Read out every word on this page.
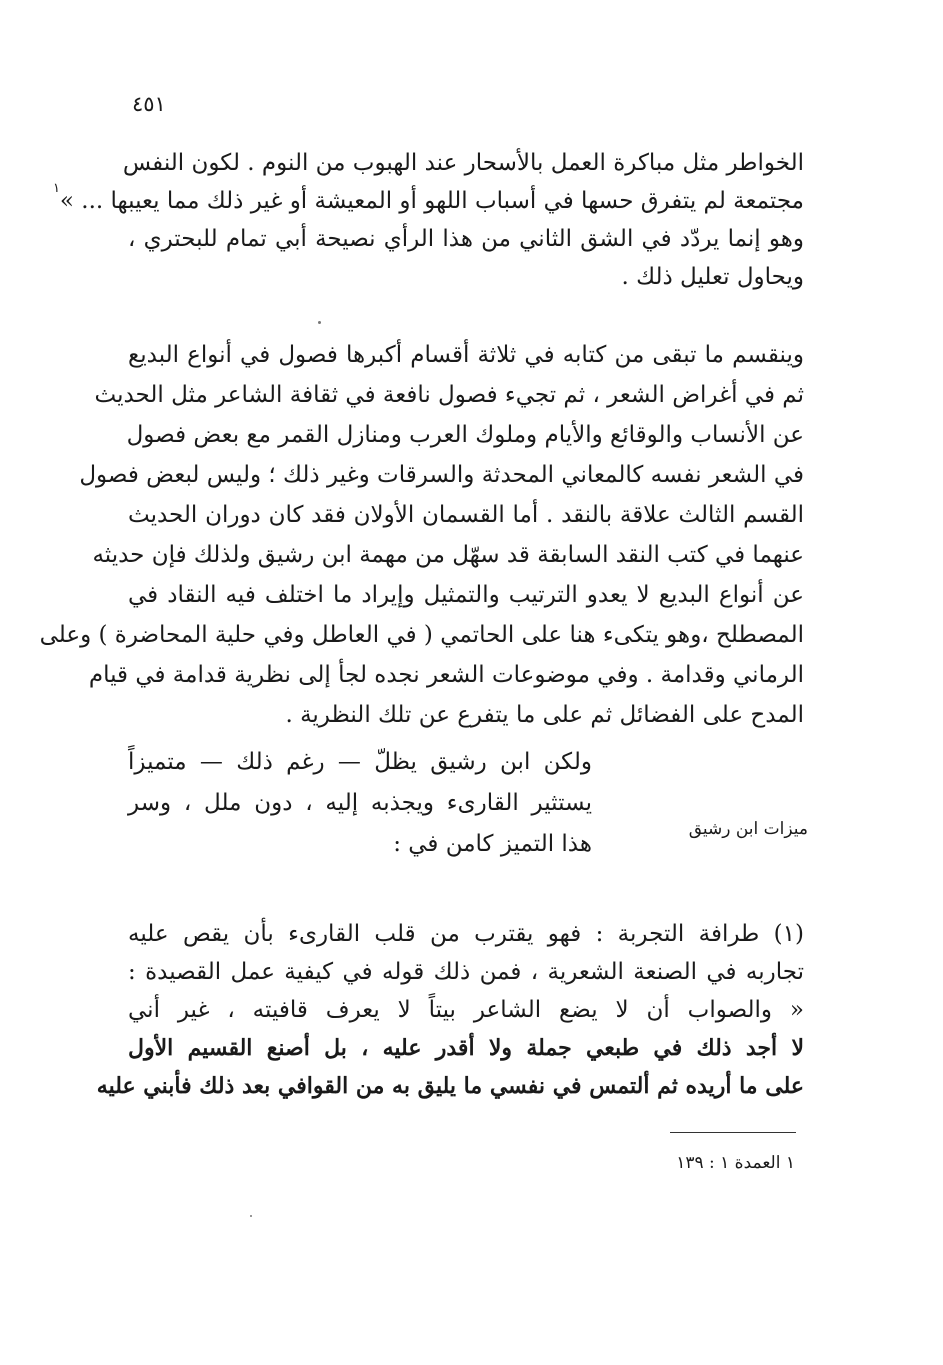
٤٥١
الخواطر مثل مباكرة العمل بالأسحار عند الهبوب من النوم . لكون النفس
مجتمعة لم يتفرق حسها في أسباب اللهو أو المعيشة أو غير ذلك مما يعيبها ... »$^١$
وهو إنما يردّد في الشق الثاني من هذا الرأي نصيحة أبي تمام للبحتري ،
ويحاول تعليل ذلك .
وينقسم ما تبقى من كتابه في ثلاثة أقسام أكبرها فصول في أنواع البديع
ثم في أغراض الشعر ، ثم تجيء فصول نافعة في ثقافة الشاعر مثل الحديث
عن الأنساب والوقائع والأيام وملوك العرب ومنازل القمر مع بعض فصول
في الشعر نفسه كالمعاني المحدثة والسرقات وغير ذلك ؛ وليس لبعض فصول
القسم الثالث علاقة بالنقد . أما القسمان الأولان فقد كان دوران الحديث
عنهما في كتب النقد السابقة قد سهّل من مهمة ابن رشيق ولذلك فإن حديثه
عن أنواع البديع لا يعدو الترتيب والتمثيل وإيراد ما اختلف فيه النقاد في
المصطلح ،وهو يتكىء هنا على الحاتمي ( في العاطل وفي حلية المحاضرة ) وعلى
الرماني وقدامة . وفي موضوعات الشعر نجده لجأ إلى نظرية قدامة في قيام
المدح على الفضائل ثم على ما يتفرع عن تلك النظرية .
ولكن ابن رشيق يظلّ — رغم ذلك — متميزاً
يستثير القارىء ويجذبه إليه ، دون ملل ، وسر
هذا التميز كامن في :
ميزات ابن رشيق
(١) طرافة التجربة : فهو يقترب من قلب القارىء بأن يقص عليه
تجاربه في الصنعة الشعرية ، فمن ذلك قوله في كيفية عمل القصيدة :
« والصواب أن لا يضع الشاعر بيتاً لا يعرف قافيته ، غير أني
لا أجد ذلك في طبعي جملة ولا أقدر عليه ، بل أصنع القسيم الأول
على ما أريده ثم ألتمس في نفسي ما يليق به من القوافي بعد ذلك فأبني عليه
١ العمدة ١ : ١٣٩
